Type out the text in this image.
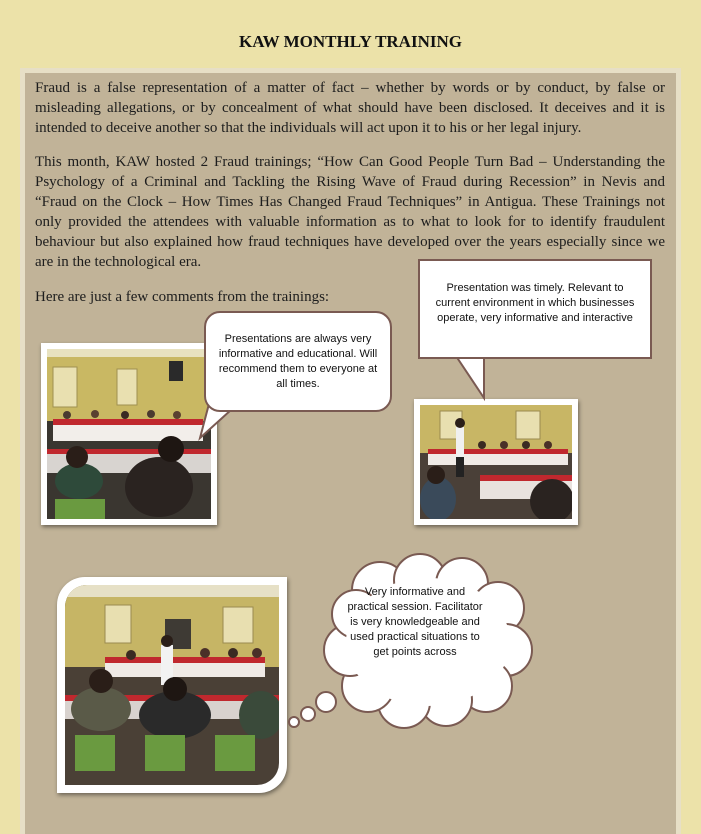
KAW MONTHLY TRAINING

Fraud is a false representation of a matter of fact – whether by words or by conduct, by false or misleading allegations, or by concealment of what should have been disclosed. It deceives and it is intended to deceive another so that the individuals will act upon it to his or her legal injury.

This month, KAW hosted 2 Fraud trainings; “How Can Good People Turn Bad – Understanding the Psychology of a Criminal and Tackling the Rising Wave of Fraud during Recession” in Nevis and “Fraud on the Clock – How Times Has Changed Fraud Techniques” in Antigua. These Trainings not only provided the attendees with valuable information as to what to look for to identify fraudulent behaviour but also explained how fraud techniques have developed over the years especially since we are in the technological era.

Here are just a few comments from the trainings:

Presentations are always very informative and educational. Will recommend them to everyone at all times.
Presentation was timely. Relevant to current environment in which businesses operate, very informative and interactive
Very informative and practical session. Facilitator is very knowledgeable and used practical situations to get points across
